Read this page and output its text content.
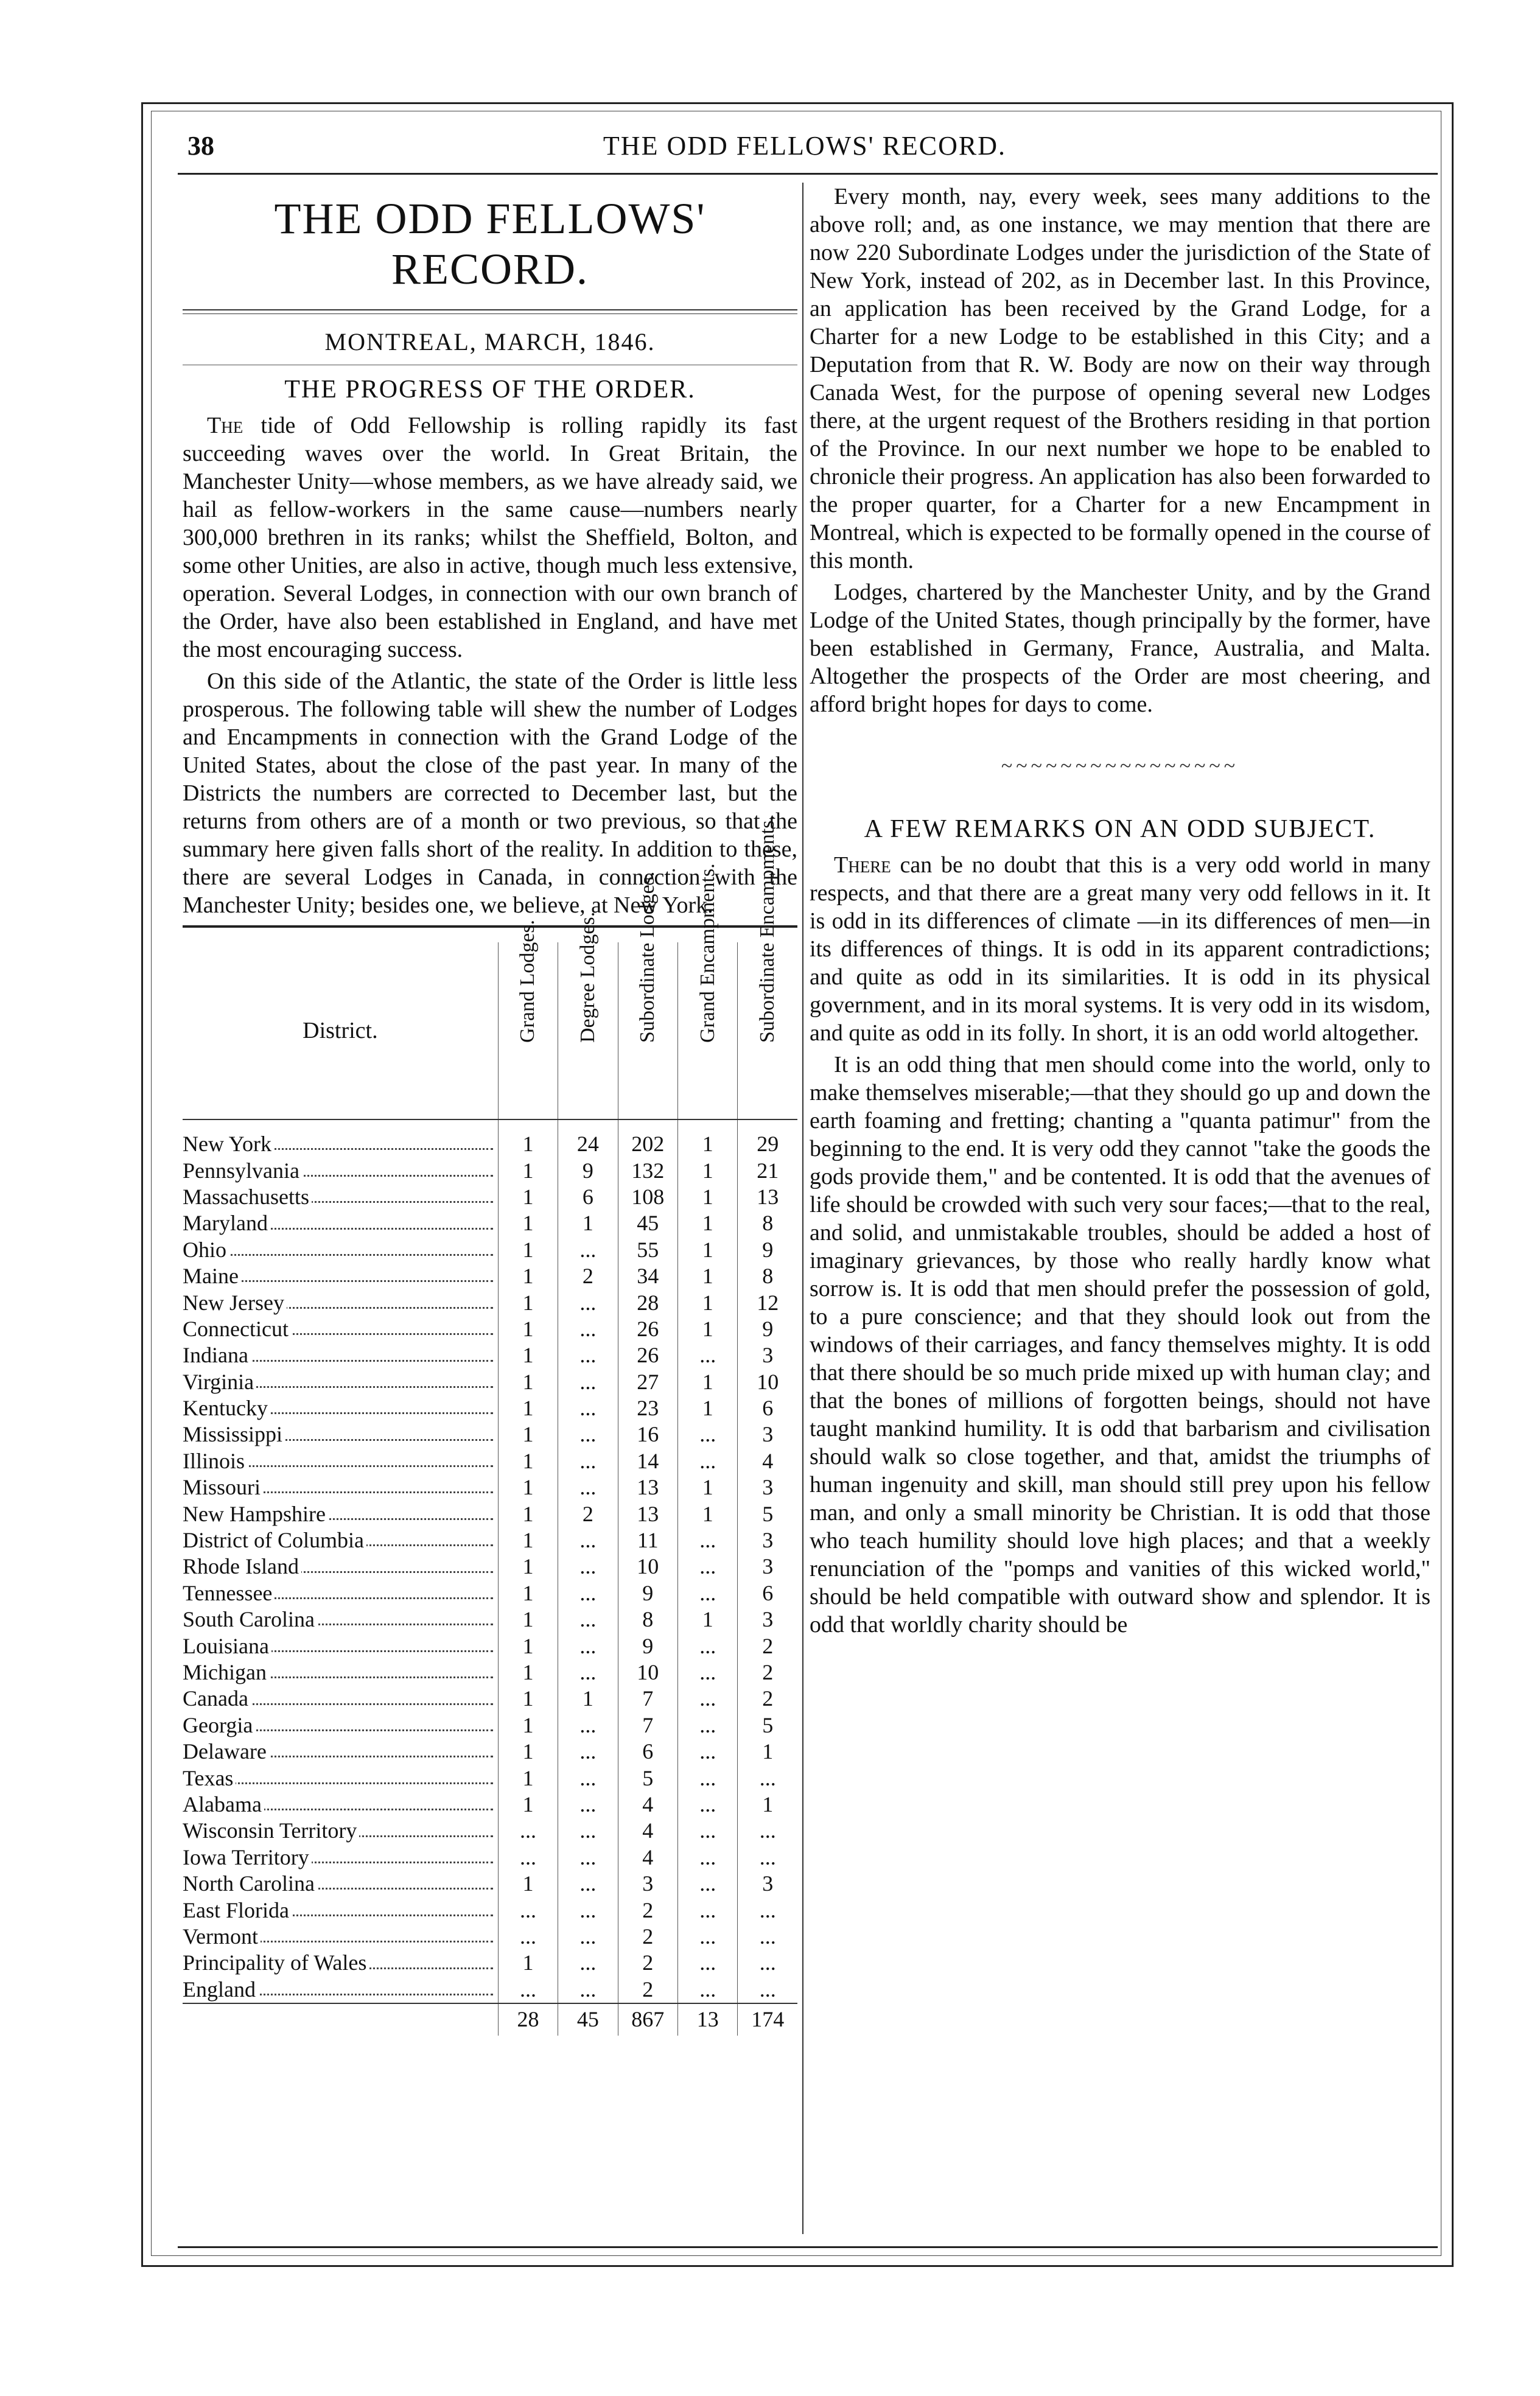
38	THE ODD FELLOWS' RECORD.
THE ODD FELLOWS' RECORD.
MONTREAL, MARCH, 1846.
THE PROGRESS OF THE ORDER.

The tide of Odd Fellowship is rolling rapidly its fast succeeding waves over the world. In Great Britain, the Manchester Unity—whose members, as we have already said, we hail as fellow-workers in the same cause—numbers nearly 300,000 brethren in its ranks; whilst the Sheffield, Bolton, and some other Unities, are also in active, though much less extensive, operation. Several Lodges, in connection with our own branch of the Order, have also been established in England, and have met the most encouraging success.

On this side of the Atlantic, the state of the Order is little less prosperous. The following table will shew the number of Lodges and Encampments in connection with the Grand Lodge of the United States, about the close of the past year. In many of the Districts the numbers are corrected to December last, but the returns from others are of a month or two previous, so that the summary here given falls short of the reality. In addition to these, there are several Lodges in Canada, in connection with the Manchester Unity; besides one, we believe, at New York.

District.	Grand Lodges.	Degree Lodges.	Subordinate Lodges.	Grand Encampments.	Subordinate Encampments.

New York	1	24	202	1	29
Pennsylvania	1	9	132	1	21
Massachusetts	1	6	108	1	13
Maryland	1	1	45	1	8
Ohio	1	...	55	1	9
Maine	1	2	34	1	8
New Jersey	1	...	28	1	12
Connecticut	1	...	26	1	9
Indiana	1	...	26	...	3
Virginia	1	...	27	1	10
Kentucky	1	...	23	1	6
Mississippi	1	...	16	...	3
Illinois	1	...	14	...	4
Missouri	1	...	13	1	3
New Hampshire	1	2	13	1	5
District of Columbia	1	...	11	...	3
Rhode Island	1	...	10	...	3
Tennessee	1	...	9	...	6
South Carolina	1	...	8	1	3
Louisiana	1	...	9	...	2
Michigan	1	...	10	...	2
Canada	1	1	7	...	2
Georgia	1	...	7	...	5
Delaware	1	...	6	...	1
Texas	1	...	5	...	...
Alabama	1	...	4	...	1
Wisconsin Territory	...	...	4	...	...
Iowa Territory	...	...	4	...	...
North Carolina	1	...	3	...	3
East Florida	...	...	2	...	...
Vermont	...	...	2	...	...
Principality of Wales	1	...	2	...	...
England	...	...	2	...	...
	28	45	867	13	174

Every month, nay, every week, sees many additions to the above roll; and, as one instance, we may mention that there are now 220 Subordinate Lodges under the jurisdiction of the State of New York, instead of 202, as in December last. In this Province, an application has been received by the Grand Lodge, for a Charter for a new Lodge to be established in this City; and a Deputation from that R. W. Body are now on their way through Canada West, for the purpose of opening several new Lodges there, at the urgent request of the Brothers residing in that portion of the Province. In our next number we hope to be enabled to chronicle their progress. An application has also been forwarded to the proper quarter, for a Charter for a new Encampment in Montreal, which is expected to be formally opened in the course of this month.

Lodges, chartered by the Manchester Unity, and by the Grand Lodge of the United States, though principally by the former, have been established in Germany, France, Australia, and Malta. Altogether the prospects of the Order are most cheering, and afford bright hopes for days to come.

~~~~~~~~~~~~~~~~
A FEW REMARKS ON AN ODD SUBJECT.

There can be no doubt that this is a very odd world in many respects, and that there are a great many very odd fellows in it. It is odd in its differences of climate —in its differences of men—in its differences of things. It is odd in its apparent contradictions; and quite as odd in its similarities. It is odd in its physical government, and in its moral systems. It is very odd in its wisdom, and quite as odd in its folly. In short, it is an odd world altogether.

It is an odd thing that men should come into the world, only to make themselves miserable;—that they should go up and down the earth foaming and fretting; chanting a "quanta patimur" from the beginning to the end. It is very odd they cannot "take the goods the gods provide them," and be contented. It is odd that the avenues of life should be crowded with such very sour faces;—that to the real, and solid, and unmistakable troubles, should be added a host of imaginary grievances, by those who really hardly know what sorrow is. It is odd that men should prefer the possession of gold, to a pure conscience; and that they should look out from the windows of their carriages, and fancy themselves mighty. It is odd that there should be so much pride mixed up with human clay; and that the bones of millions of forgotten beings, should not have taught mankind humility. It is odd that barbarism and civilisation should walk so close together, and that, amidst the triumphs of human ingenuity and skill, man should still prey upon his fellow man, and only a small minority be Christian. It is odd that those who teach humility should love high places; and that a weekly renunciation of the "pomps and vanities of this wicked world," should be held compatible with outward show and splendor. It is odd that worldly charity should be
